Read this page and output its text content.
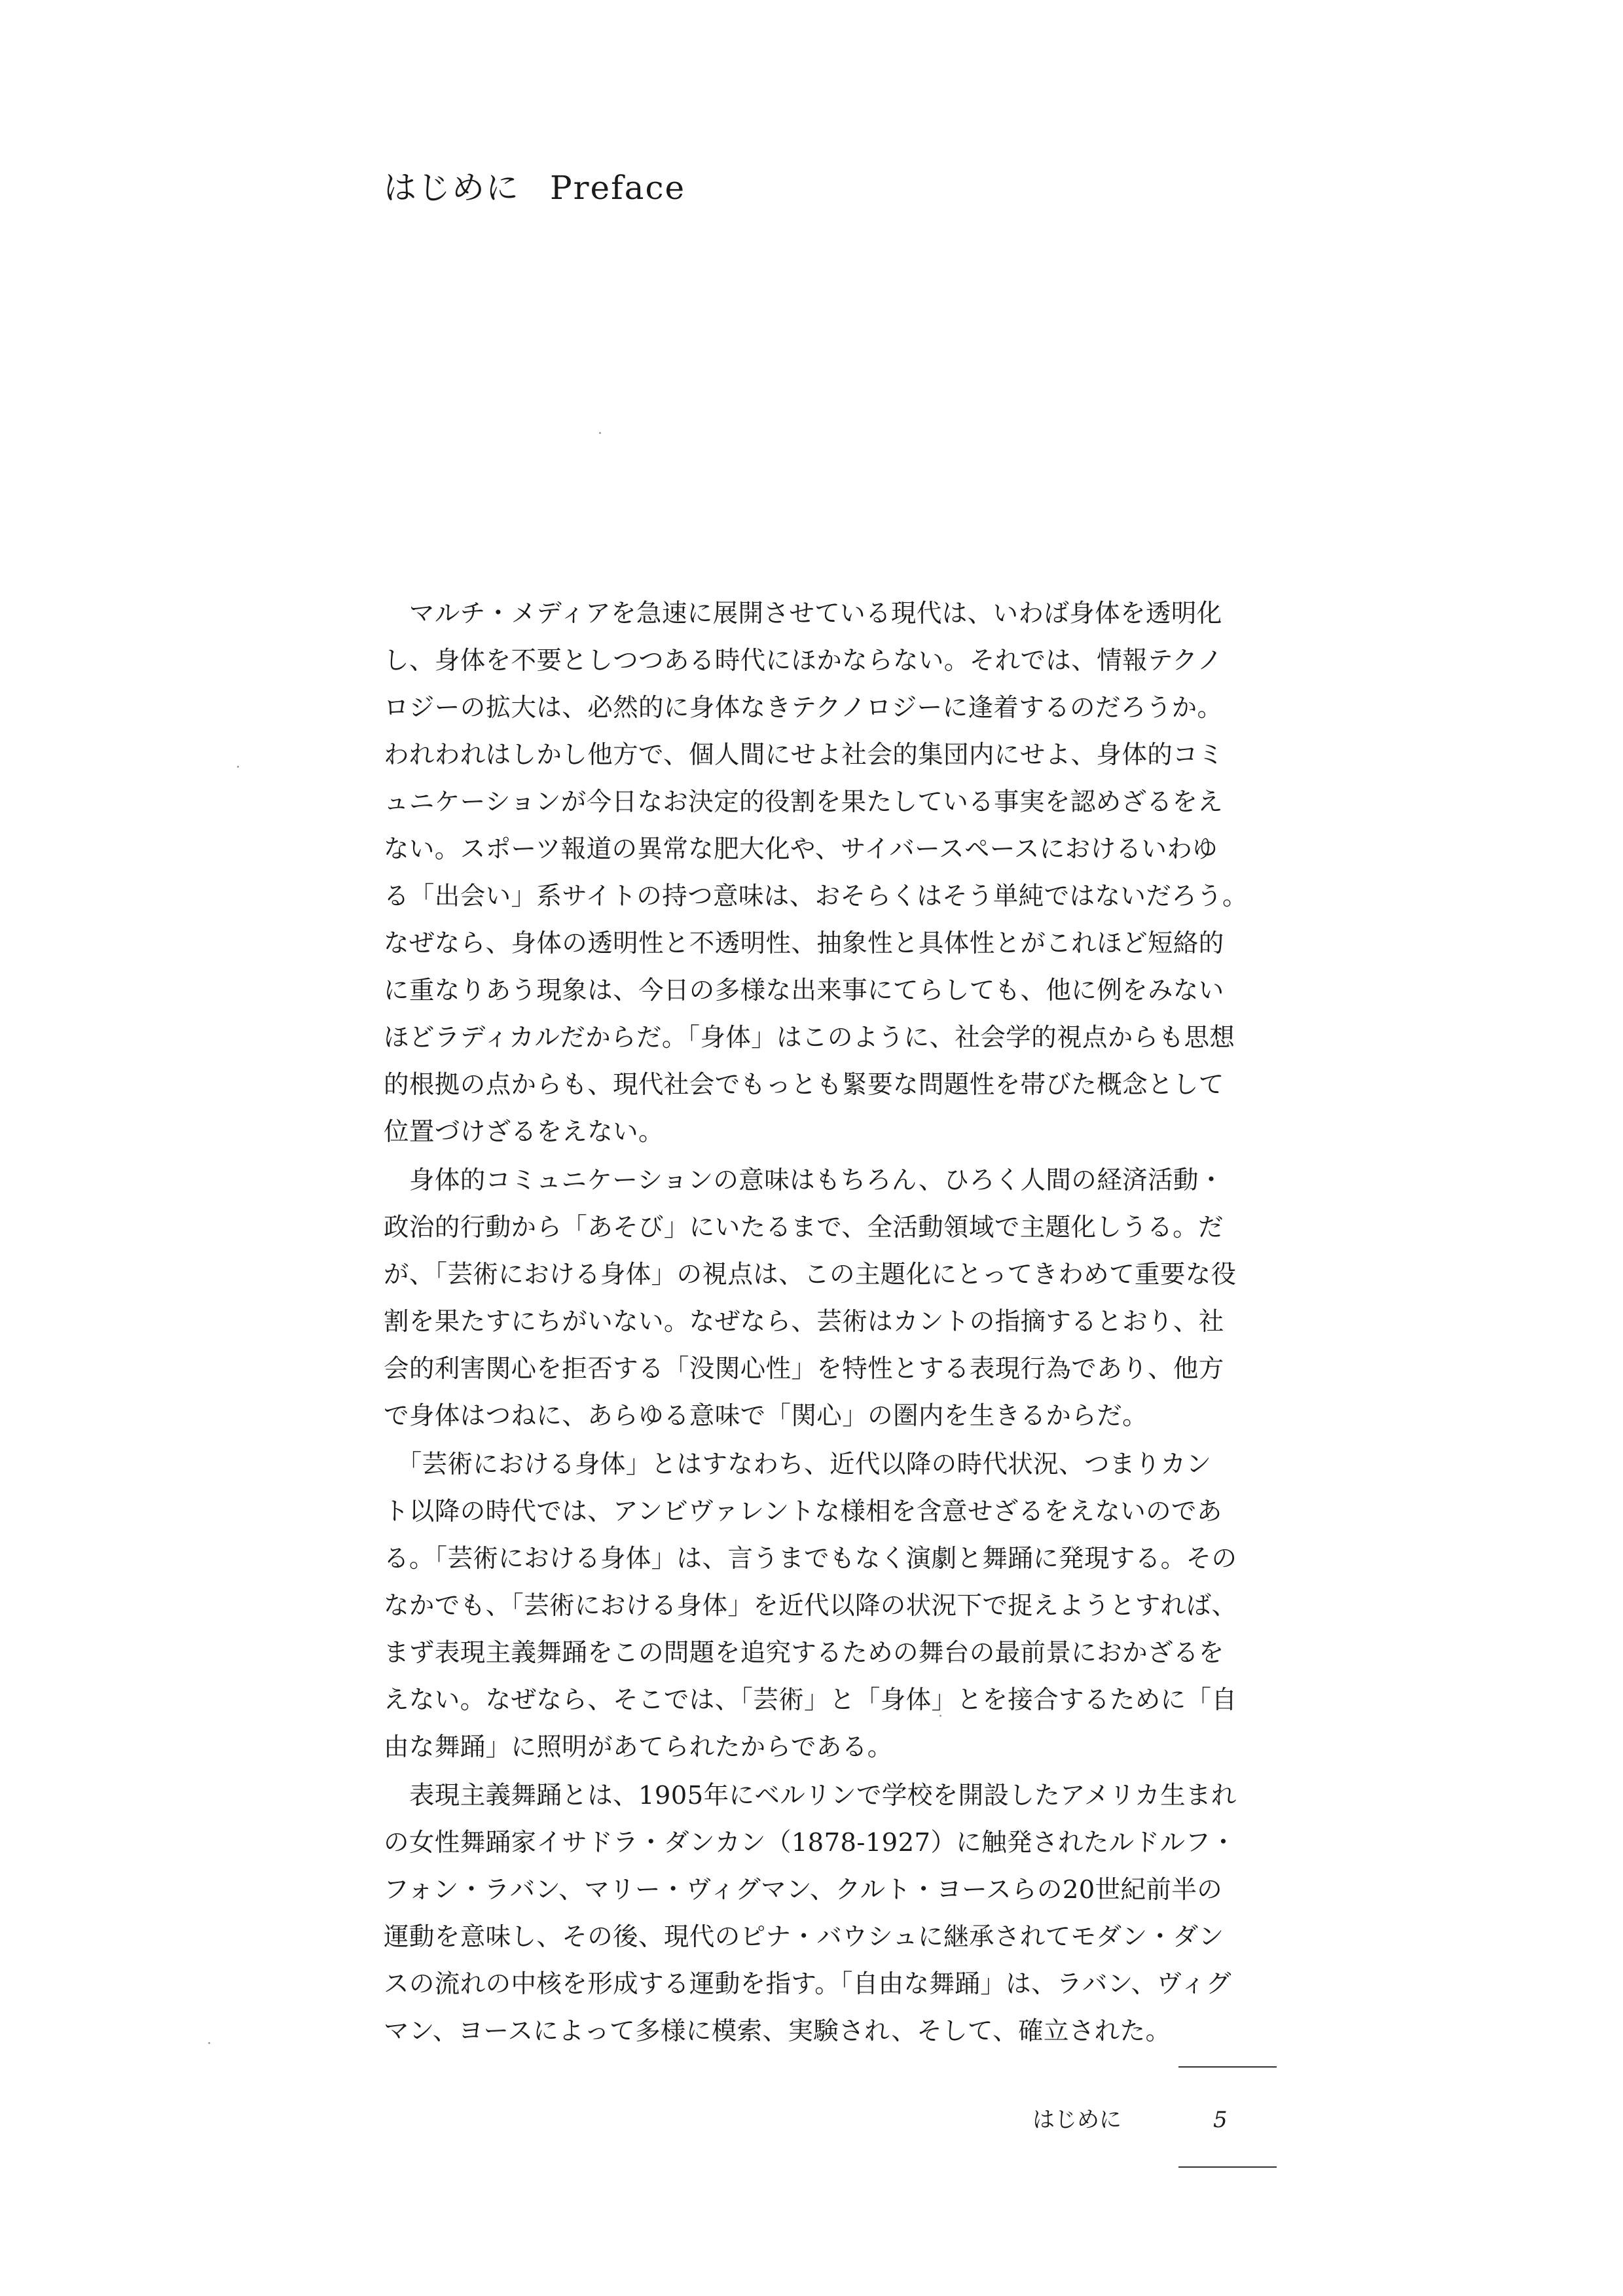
はじめに Preface
　マルチ・メディアを急速に展開させている現代は、いわば身体を透明化
し、身体を不要としつつある時代にほかならない。それでは、情報テクノ
ロジーの拡大は、必然的に身体なきテクノロジーに逢着するのだろうか。
われわれはしかし他方で、個人間にせよ社会的集団内にせよ、身体的コミ
ュニケーションが今日なお決定的役割を果たしている事実を認めざるをえ
ない。スポーツ報道の異常な肥大化や、サイバースペースにおけるいわゆ
る「出会い」系サイトの持つ意味は、おそらくはそう単純ではないだろう。
なぜなら、身体の透明性と不透明性、抽象性と具体性とがこれほど短絡的
に重なりあう現象は、今日の多様な出来事にてらしても、他に例をみない
ほどラディカルだからだ。「身体」はこのように、社会学的視点からも思想
的根拠の点からも、現代社会でもっとも緊要な問題性を帯びた概念として
位置づけざるをえない。
　身体的コミュニケーションの意味はもちろん、ひろく人間の経済活動・
政治的行動から「あそび」にいたるまで、全活動領域で主題化しうる。だ
が、「芸術における身体」の視点は、この主題化にとってきわめて重要な役
割を果たすにちがいない。なぜなら、芸術はカントの指摘するとおり、社
会的利害関心を拒否する「没関心性」を特性とする表現行為であり、他方
で身体はつねに、あらゆる意味で「関心」の圏内を生きるからだ。
　「芸術における身体」とはすなわち、近代以降の時代状況、つまりカン
ト以降の時代では、アンビヴァレントな様相を含意せざるをえないのであ
る。「芸術における身体」は、言うまでもなく演劇と舞踊に発現する。その
なかでも、「芸術における身体」を近代以降の状況下で捉えようとすれば、
まず表現主義舞踊をこの問題を追究するための舞台の最前景におかざるを
えない。なぜなら、そこでは、「芸術」と「身体」とを接合するために「自
由な舞踊」に照明があてられたからである。
　表現主義舞踊とは、1905年にベルリンで学校を開設したアメリカ生まれ
の女性舞踊家イサドラ・ダンカン（1878-1927）に触発されたルドルフ・
フォン・ラバン、マリー・ヴィグマン、クルト・ヨースらの20世紀前半の
運動を意味し、その後、現代のピナ・バウシュに継承されてモダン・ダン
スの流れの中核を形成する運動を指す。「自由な舞踊」は、ラバン、ヴィグ
マン、ヨースによって多様に模索、実験され、そして、確立された。
はじめに	5
